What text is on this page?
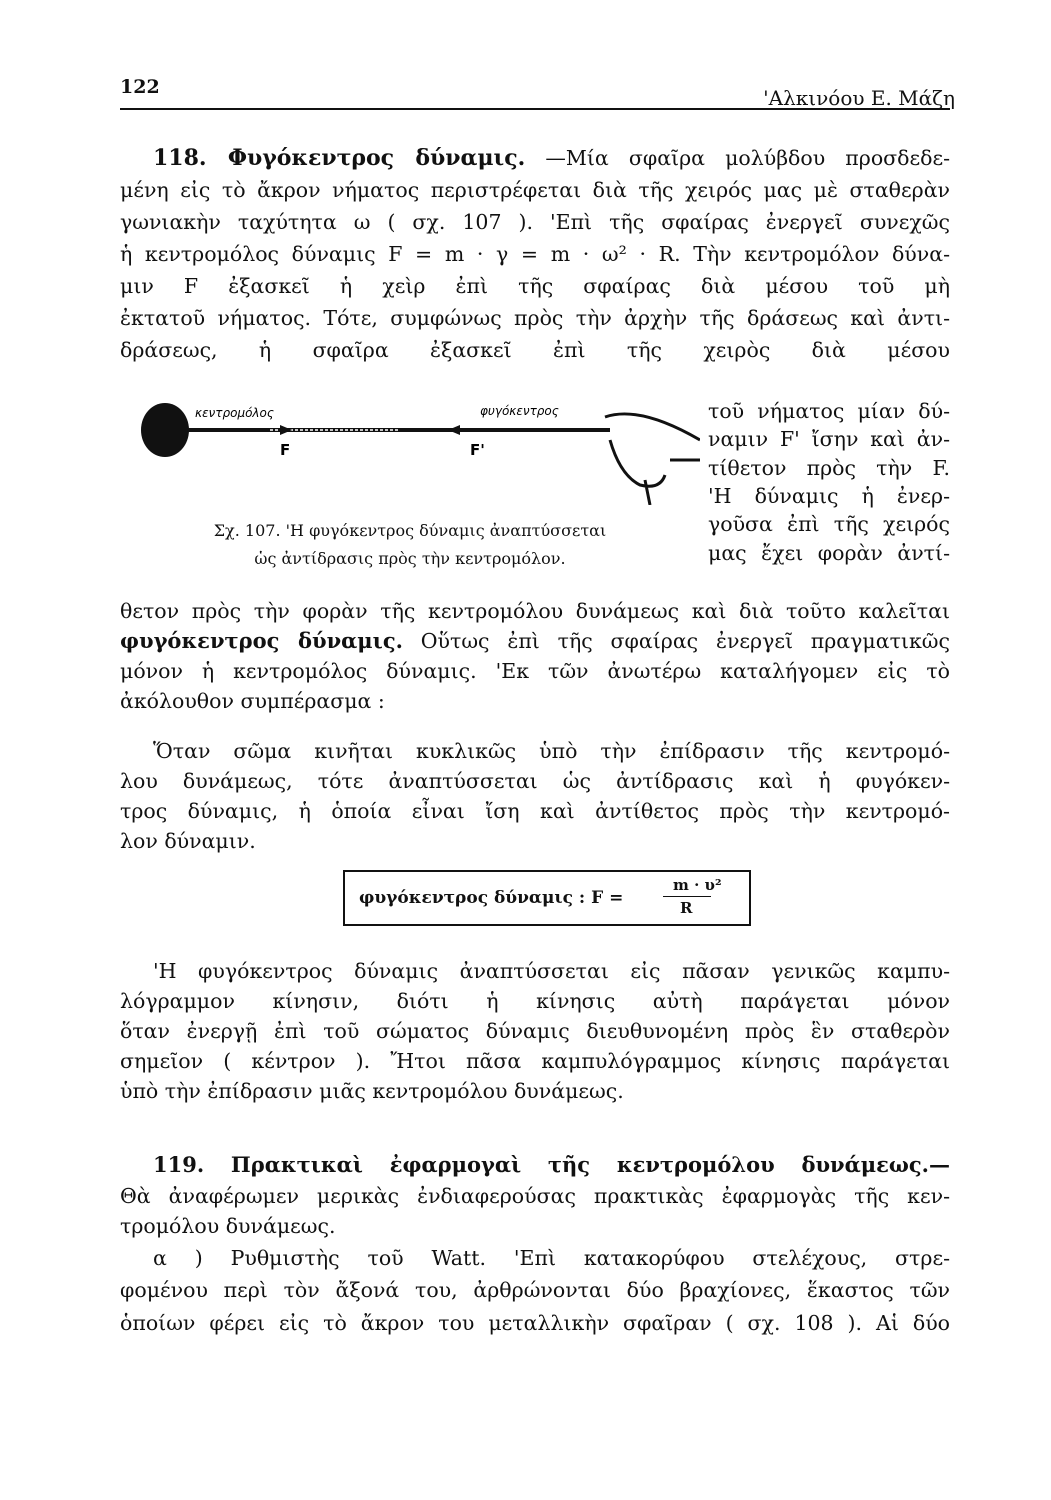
122	'Αλκινόου Ε. Μάζη
118. Φυγόκεντρος δύναμις. —Μία σφαῖρα μολύβδου προσδεδε-
μένη εἰς τὸ ἄκρον νήματος περιστρέφεται διὰ τῆς χειρός μας μὲ σταθερὰν
γωνιακὴν ταχύτητα ω ( σχ. 107 ). 'Επὶ τῆς σφαίρας ἐνεργεῖ συνεχῶς
ἡ κεντρομόλος δύναμις F = m · γ = m · ω² · R. Τὴν κεντρομόλον δύνα-
μιν F ἐξασκεῖ ἡ χεὶρ ἐπὶ τῆς σφαίρας διὰ μέσου τοῦ μὴ
ἐκτατοῦ νήματος. Τότε, συμφώνως πρὸς τὴν ἀρχὴν τῆς δράσεως καὶ ἀντι-
δράσεως, ἡ σφαῖρα ἐξασκεῖ ἐπὶ τῆς χειρὸς διὰ μέσου
κεντρομόλος	φυγόκεντρος
F	F'
Σχ. 107. 'Η φυγόκεντρος δύναμις ἀναπτύσσεται
ὡς ἀντίδρασις πρὸς τὴν κεντρομόλον.
τοῦ νήματος μίαν δύ-
ναμιν F' ἴσην καὶ ἀν-
τίθετον πρὸς τὴν F.
'Η δύναμις ἡ ἐνερ-
γοῦσα ἐπὶ τῆς χειρός
μας ἔχει φορὰν ἀντί-
θετον πρὸς τὴν φορὰν τῆς κεντρομόλου δυνάμεως καὶ διὰ τοῦτο καλεῖται
φυγόκεντρος δύναμις. Οὕτως ἐπὶ τῆς σφαίρας ἐνεργεῖ πραγματικῶς
μόνον ἡ κεντρομόλος δύναμις. 'Εκ τῶν ἀνωτέρω καταλήγομεν εἰς τὸ
ἀκόλουθον συμπέρασμα :
Ὅταν σῶμα κινῆται κυκλικῶς ὑπὸ τὴν ἐπίδρασιν τῆς κεντρομό-
λου δυνάμεως, τότε ἀναπτύσσεται ὡς ἀντίδρασις καὶ ἡ φυγόκεν-
τρος δύναμις, ἡ ὁποία εἶναι ἴση καὶ ἀντίθετος πρὸς τὴν κεντρομό-
λον δύναμιν.
φυγόκεντρος δύναμις : F =
m · υ²
R
'Η φυγόκεντρος δύναμις ἀναπτύσσεται εἰς πᾶσαν γενικῶς καμπυ-
λόγραμμον κίνησιν, διότι ἡ κίνησις αὐτὴ παράγεται μόνον
ὅταν ἐνεργῇ ἐπὶ τοῦ σώματος δύναμις διευθυνομένη πρὸς ἓν σταθερὸν
σημεῖον ( κέντρον ). Ἤτοι πᾶσα καμπυλόγραμμος κίνησις παράγεται
ὑπὸ τὴν ἐπίδρασιν μιᾶς κεντρομόλου δυνάμεως.
119. Πρακτικαὶ ἐφαρμογαὶ τῆς κεντρομόλου δυνάμεως.—
Θὰ ἀναφέρωμεν μερικὰς ἐνδιαφερούσας πρακτικὰς ἐφαρμογὰς τῆς κεν-
τρομόλου δυνάμεως.
α ) Ρυθμιστὴς τοῦ Watt. 'Επὶ κατακορύφου στελέχους, στρε-
φομένου περὶ τὸν ἄξονά του, ἀρθρώνονται δύο βραχίονες, ἕκαστος τῶν
ὁποίων φέρει εἰς τὸ ἄκρον του μεταλλικὴν σφαῖραν ( σχ. 108 ). Αἱ δύο
